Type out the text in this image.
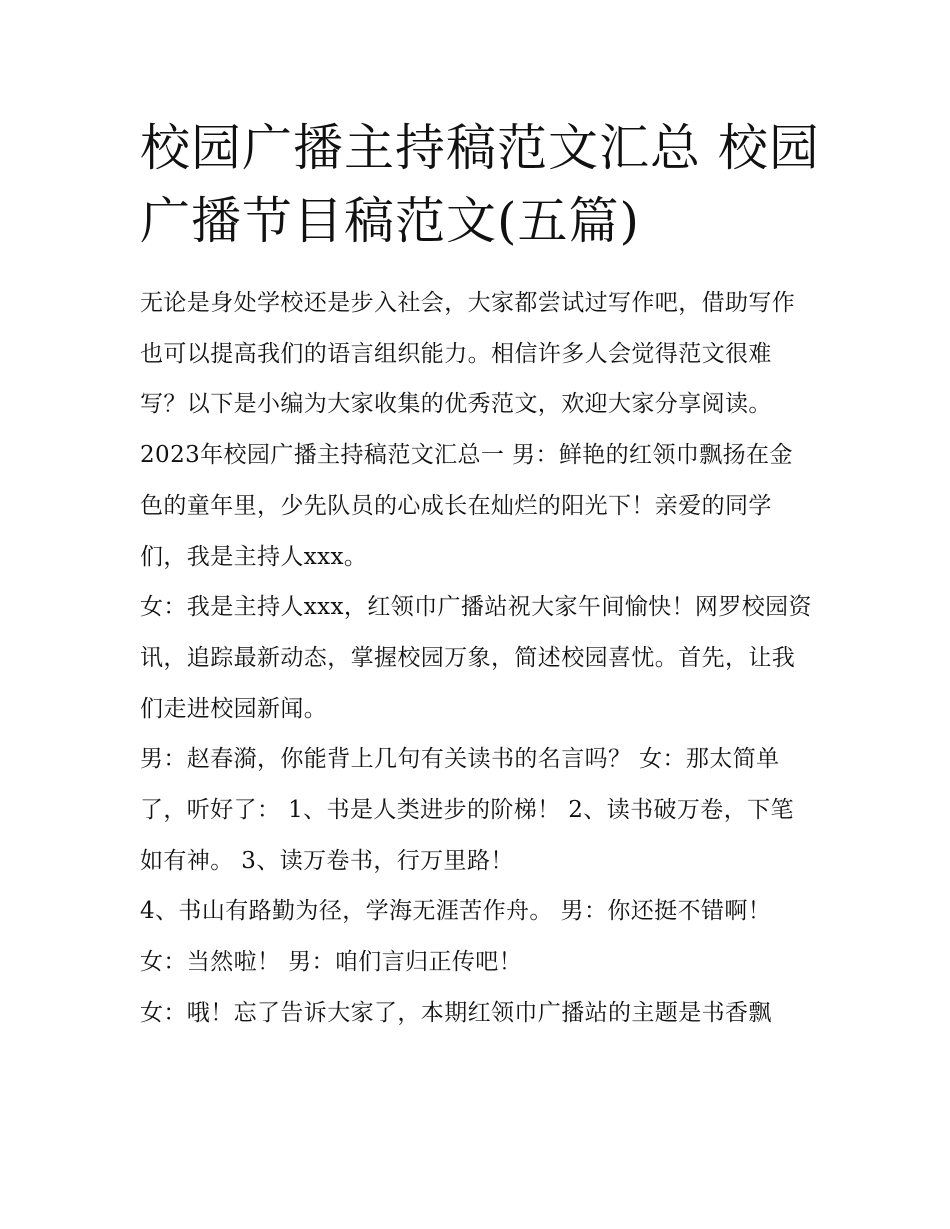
校园广播主持稿范文汇总 校园广播节目稿范文(五篇)

无论是身处学校还是步入社会，大家都尝试过写作吧，借助写作也可以提高我们的语言组织能力。相信许多人会觉得范文很难写？以下是小编为大家收集的优秀范文，欢迎大家分享阅读。

2023年校园广播主持稿范文汇总一 男：鲜艳的红领巾飘扬在金色的童年里，少先队员的心成长在灿烂的阳光下！亲爱的同学们，我是主持人xxx。

女：我是主持人xxx，红领巾广播站祝大家午间愉快！网罗校园资讯，追踪最新动态，掌握校园万象，简述校园喜忧。首先，让我们走进校园新闻。

男：赵春漪，你能背上几句有关读书的名言吗？ 女：那太简单了，听好了： 1、书是人类进步的阶梯！ 2、读书破万卷，下笔如有神。 3、读万卷书，行万里路！

4、书山有路勤为径，学海无涯苦作舟。 男：你还挺不错啊！

女：当然啦！ 男：咱们言归正传吧！

女：哦！忘了告诉大家了，本期红领巾广播站的主题是书香飘
